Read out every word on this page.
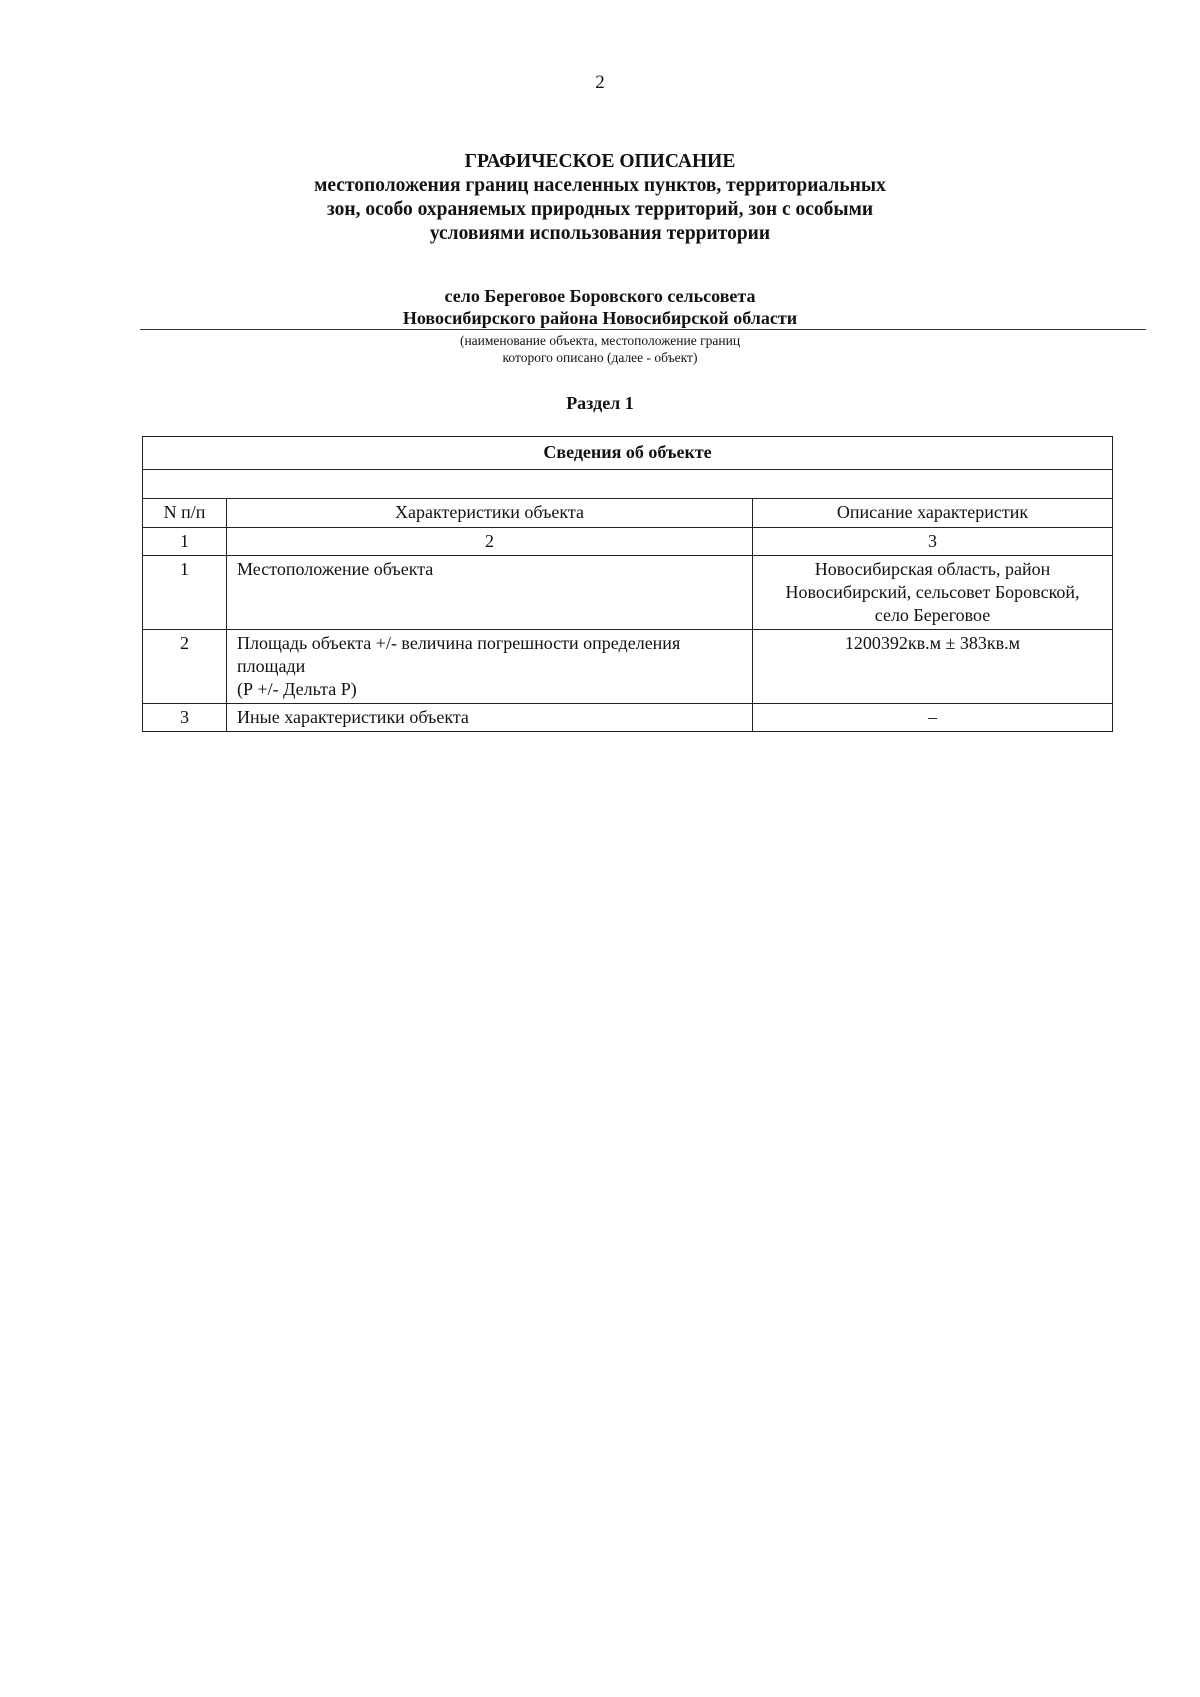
2
ГРАФИЧЕСКОЕ ОПИСАНИЕ
местоположения границ населенных пунктов, территориальных
зон, особо охраняемых природных территорий, зон с особыми
условиями использования территории
село Береговое Боровского сельсовета
Новосибирского района Новосибирской области
(наименование объекта, местоположение границ
которого описано (далее - объект)
Раздел 1
Сведения об объекте		

N п/п	Характеристики объекта	Описание характеристик
1	2	3
1	Местоположение объекта	Новосибирская область, район
Новосибирский, сельсовет Боровской,
село Береговое

2	Площадь объекта +/- величина погрешности определения
площади
(Р +/- Дельта Р)	1200392кв.м ± 383кв.м

3	Иные характеристики объекта	–
